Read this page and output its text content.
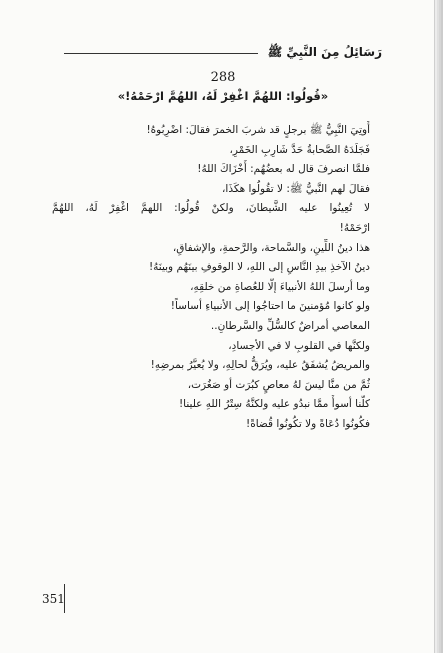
رَسَائِلُ مِنَ النَّبِيِّ ﷺ
288
«قُولُوا: اللهُمَّ اغْفِرْ لَهُ، اللهُمَّ ارْحَمْهُ!»
أُوتِيَ النَّبِيُّ ﷺ برجلٍ قد شربَ الخمرَ فقالَ: اضْرِبُوهُ!
فَجَلَدَهُ الصَّحابةُ حَدَّ شَارِبِ الخَمْرِ،
فلمَّا انصرفَ قال له بعضُهُم: أَخْزَاكَ اللهُ!
فقالَ لهم النَّبيُّ ﷺ: لا تقُولُوا هكَذَا،
لا تُعِينُوا عليه الشَّيطانَ، ولكنْ قُولُوا: اللهمَّ اغْفِرْ لَهُ، اللهُمَّ
ارْحَمْهُ!
هذا دينُ اللِّينِ، والسَّماحة، والرَّحمةِ، والإشفاقِ،
دينُ الآخذِ بيدِ النَّاسِ إلى اللهِ، لا الوقوفِ بينَهُم وبينَهُ!
وما أرسلَ اللهُ الأنبياءَ إلَّا للعُصاةِ من خلقِهِ،
ولو كانوا مُؤمنينَ ما احتاجُوا إلى الأنبياءِ أساساً!
المعاصي أمراضٌ كالسُّلِّ والسَّرطانِ..
ولكنَّها في القلوبِ لا في الأجسادِ،
والمريضُ يُشفَقُ عليه، ويُرَقُّ لحالِهِ، ولا يُعيَّرُ بمرضِهِ!
ثُمَّ من منَّا ليسَ لهُ معاصٍ كبُرَت أو صَغُرَت،
كلُّنا أسوأُ ممَّا نبدُو عليه ولكنَّهُ سِتْرُ اللهِ علينا!
فكُونُوا دُعَاةً ولا تكُونُوا قُضاةً!
351
